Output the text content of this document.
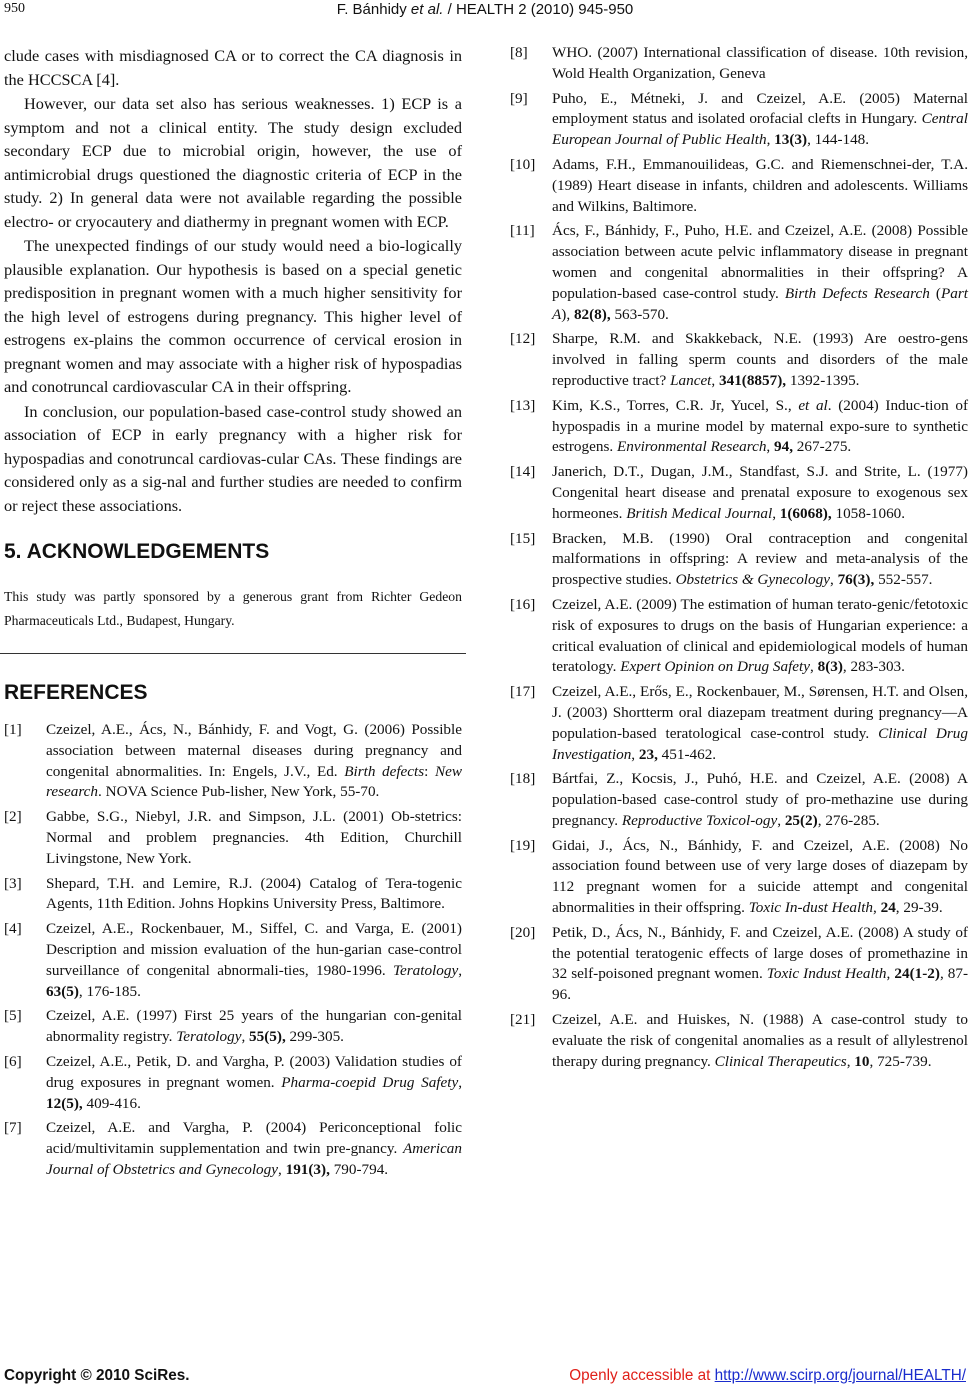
950	F. Bánhidy et al. / HEALTH 2 (2010) 945-950

clude cases with misdiagnosed CA or to correct the CA diagnosis in the HCCSCA [4].

However, our data set also has serious weaknesses. 1) ECP is a symptom and not a clinical entity. The study design excluded secondary ECP due to microbial origin, however, the use of antimicrobial drugs questioned the diagnostic criteria of ECP in the study. 2) In general data were not available regarding the possible electro- or cryocautery and diathermy in pregnant women with ECP.

The unexpected findings of our study would need a bio-logically plausible explanation. Our hypothesis is based on a special genetic predisposition in pregnant women with a much higher sensitivity for the high level of estrogens during pregnancy. This higher level of estrogens ex-plains the common occurrence of cervical erosion in pregnant women and may associate with a higher risk of hypospadias and conotruncal cardiovascular CA in their offspring.

In conclusion, our population-based case-control study showed an association of ECP in early pregnancy with a higher risk for hypospadias and conotruncal cardiovas-cular CAs. These findings are considered only as a sig-nal and further studies are needed to confirm or reject these associations.

5. ACKNOWLEDGEMENTS

This study was partly sponsored by a generous grant from Richter Gedeon Pharmaceuticals Ltd., Budapest, Hungary.

REFERENCES
[1] Czeizel, A.E., Ács, N., Bánhidy, F. and Vogt, G. (2006) Possible association between maternal diseases during pregnancy and congenital abnormalities. In: Engels, J.V., Ed. Birth defects: New research. NOVA Science Pub-lisher, New York, 55-70.
[2] Gabbe, S.G., Niebyl, J.R. and Simpson, J.L. (2001) Ob-stetrics: Normal and problem pregnancies. 4th Edition, Churchill Livingstone, New York.
[3] Shepard, T.H. and Lemire, R.J. (2004) Catalog of Tera-togenic Agents, 11th Edition. Johns Hopkins University Press, Baltimore.
[4] Czeizel, A.E., Rockenbauer, M., Siffel, C. and Varga, E. (2001) Description and mission evaluation of the hun-garian case-control surveillance of congenital abnormali-ties, 1980-1996. Teratology, 63(5), 176-185.
[5] Czeizel, A.E. (1997) First 25 years of the hungarian con-genital abnormality registry. Teratology, 55(5), 299-305.
[6] Czeizel, A.E., Petik, D. and Vargha, P. (2003) Validation studies of drug exposures in pregnant women. Pharma-coepid Drug Safety, 12(5), 409-416.
[7] Czeizel, A.E. and Vargha, P. (2004) Periconceptional folic acid/multivitamin supplementation and twin pre-gnancy. American Journal of Obstetrics and Gynecology, 191(3), 790-794.
[8] WHO. (2007) International classification of disease. 10th revision, Wold Health Organization, Geneva
[9] Puho, E., Métneki, J. and Czeizel, A.E. (2005) Maternal employment status and isolated orofacial clefts in Hungary. Central European Journal of Public Health, 13(3), 144-148.
[10] Adams, F.H., Emmanouilideas, G.C. and Riemenschnei-der, T.A. (1989) Heart disease in infants, children and adolescents. Williams and Wilkins, Baltimore.
[11] Ács, F., Bánhidy, F., Puho, H.E. and Czeizel, A.E. (2008) Possible association between acute pelvic inflammatory disease in pregnant women and congenital abnormalities in their offspring? A population-based case-control study. Birth Defects Research (Part A), 82(8), 563-570.
[12] Sharpe, R.M. and Skakkeback, N.E. (1993) Are oestro-gens involved in falling sperm counts and disorders of the male reproductive tract? Lancet, 341(8857), 1392-1395.
[13] Kim, K.S., Torres, C.R. Jr, Yucel, S., et al. (2004) Induc-tion of hypospadis in a murine model by maternal expo-sure to synthetic estrogens. Environmental Research, 94, 267-275.
[14] Janerich, D.T., Dugan, J.M., Standfast, S.J. and Strite, L. (1977) Congenital heart disease and prenatal exposure to exogenous sex hormeones. British Medical Journal, 1(6068), 1058-1060.
[15] Bracken, M.B. (1990) Oral contraception and congenital malformations in offspring: A review and meta-analysis of the prospective studies. Obstetrics & Gynecology, 76(3), 552-557.
[16] Czeizel, A.E. (2009) The estimation of human terato-genic/fetotoxic risk of exposures to drugs on the basis of Hungarian experience: a critical evaluation of clinical and epidemiological models of human teratology. Expert Opinion on Drug Safety, 8(3), 283-303.
[17] Czeizel, A.E., Erős, E., Rockenbauer, M., Sørensen, H.T. and Olsen, J. (2003) Shortterm oral diazepam treatment during pregnancy—A population-based teratological case-control study. Clinical Drug Investigation, 23, 451-462.
[18] Bártfai, Z., Kocsis, J., Puhó, H.E. and Czeizel, A.E. (2008) A population-based case-control study of pro-methazine use during pregnancy. Reproductive Toxicol-ogy, 25(2), 276-285.
[19] Gidai, J., Ács, N., Bánhidy, F. and Czeizel, A.E. (2008) No association found between use of very large doses of diazepam by 112 pregnant women for a suicide attempt and congenital abnormalities in their offspring. Toxic In-dust Health, 24, 29-39.
[20] Petik, D., Ács, N., Bánhidy, F. and Czeizel, A.E. (2008) A study of the potential teratogenic effects of large doses of promethazine in 32 self-poisoned pregnant women. Toxic Indust Health, 24(1-2), 87-96.
[21] Czeizel, A.E. and Huiskes, N. (1988) A case-control study to evaluate the risk of congenital anomalies as a result of allylestrenol therapy during pregnancy. Clinical Therapeutics, 10, 725-739.
Copyright © 2010 SciRes.	Openly accessible at http://www.scirp.org/journal/HEALTH/
